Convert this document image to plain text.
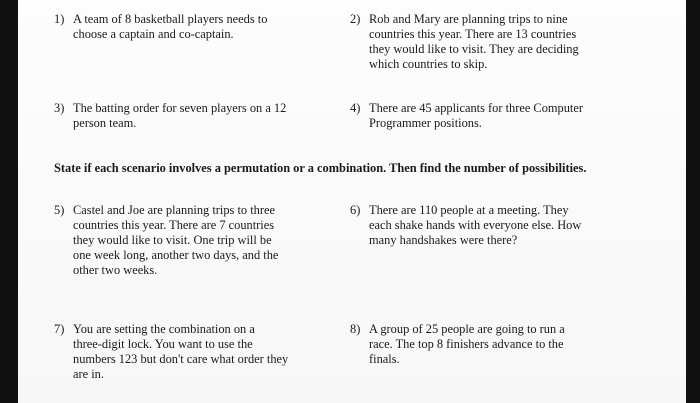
1) A team of 8 basketball players needs to
choose a captain and co-captain.
2) Rob and Mary are planning trips to nine
countries this year. There are 13 countries
they would like to visit. They are deciding
which countries to skip.
3) The batting order for seven players on a 12
person team.
4) There are 45 applicants for three Computer
Programmer positions.
State if each scenario involves a permutation or a combination. Then find the number of possibilities.
5) Castel and Joe are planning trips to three
countries this year. There are 7 countries
they would like to visit. One trip will be
one week long, another two days, and the
other two weeks.
6) There are 110 people at a meeting. They
each shake hands with everyone else. How
many handshakes were there?
7) You are setting the combination on a
three-digit lock. You want to use the
numbers 123 but don't care what order they
are in.
8) A group of 25 people are going to run a
race. The top 8 finishers advance to the
finals.
